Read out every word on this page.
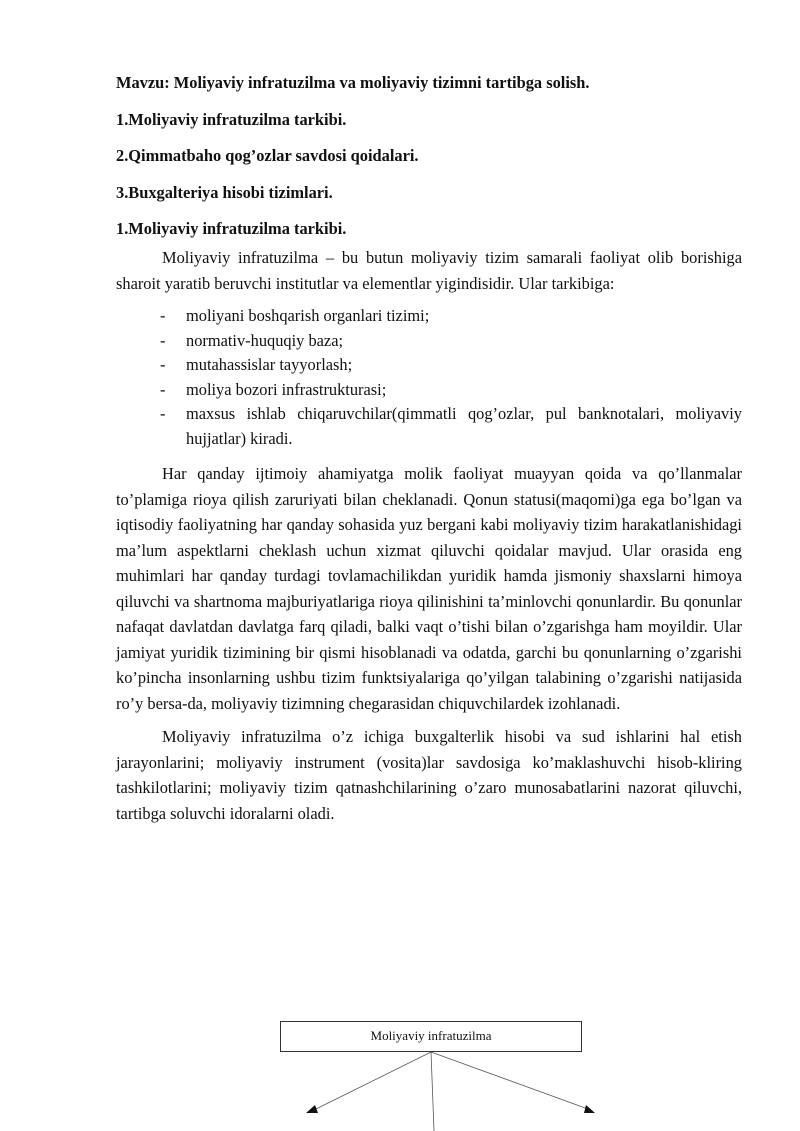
Mavzu: Moliyaviy infratuzilma va moliyaviy tizimni tartibga solish.

1.Moliyaviy infratuzilma tarkibi.

2.Qimmatbaho qog’ozlar savdosi qoidalari.

3.Buxgalteriya hisobi tizimlari.

1.Moliyaviy infratuzilma tarkibi.

Moliyaviy infratuzilma – bu butun moliyaviy tizim samarali faoliyat olib borishiga sharoit yaratib beruvchi institutlar va elementlar yigindisidir. Ular tarkibiga:

- moliyani boshqarish organlari tizimi;
- normativ-huquqiy baza;
- mutahassislar tayyorlash;
- moliya bozori infrastrukturasi;
- maxsus ishlab chiqaruvchilar(qimmatli qog’ozlar, pul banknotalari, moliyaviy hujjatlar) kiradi.

Har qanday ijtimoiy ahamiyatga molik faoliyat muayyan qoida va qo’llanmalar to’plamiga rioya qilish zaruriyati bilan cheklanadi. Qonun statusi(maqomi)ga ega bo’lgan va iqtisodiy faoliyatning har qanday sohasida yuz bergani kabi moliyaviy tizim harakatlanishidagi ma’lum aspektlarni cheklash uchun xizmat qiluvchi qoidalar mavjud. Ular orasida eng muhimlari har qanday turdagi tovlamachilikdan yuridik hamda jismoniy shaxslarni himoya qiluvchi va shartnoma majburiyatlariga rioya qilinishini ta’minlovchi qonunlardir. Bu qonunlar nafaqat davlatdan davlatga farq qiladi, balki vaqt o’tishi bilan o’zgarishga ham moyildir. Ular jamiyat yuridik tizimining bir qismi hisoblanadi va odatda, garchi bu qonunlarning o’zgarishi ko’pincha insonlarning ushbu tizim funktsiyalariga qo’yilgan talabining o’zgarishi natijasida ro’y bersa-da, moliyaviy tizimning chegarasidan chiquvchilardek izohlanadi.

Moliyaviy infratuzilma o’z ichiga buxgalterlik hisobi va sud ishlarini hal etish jarayonlarini; moliyaviy instrument (vosita)lar savdosiga ko’maklashuvchi hisob-kliring tashkilotlarini; moliyaviy tizim qatnashchilarining o’zaro munosabatlarini nazorat qiluvchi, tartibga soluvchi idoralarni oladi.

Moliyaviy infratuzilma
